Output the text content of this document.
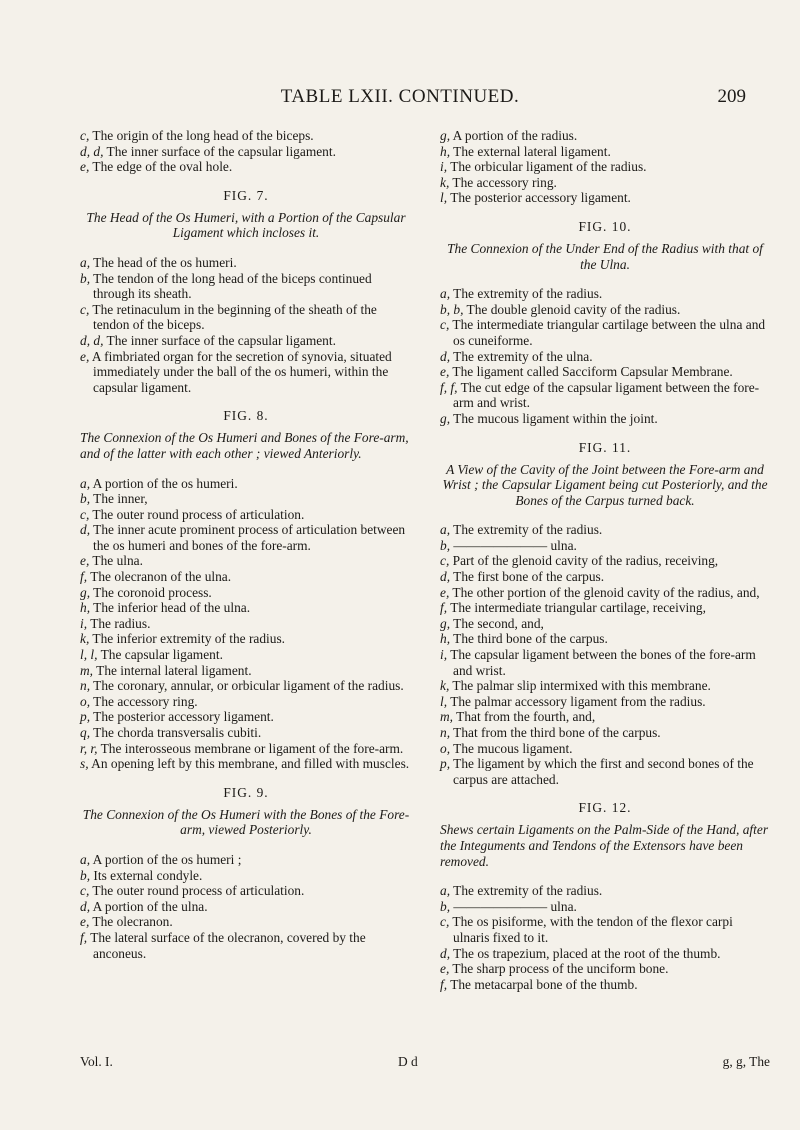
TABLE LXII. CONTINUED.	209
c, The origin of the long head of the biceps.
d, d, The inner surface of the capsular ligament.
e, The edge of the oval hole.
FIG. 7.
The Head of the Os Humeri, with a Portion of the Capsular Ligament which incloses it.
a, The head of the os humeri.
b, The tendon of the long head of the biceps continued through its sheath.
c, The retinaculum in the beginning of the sheath of the tendon of the biceps.
d, d, The inner surface of the capsular ligament.
e, A fimbriated organ for the secretion of synovia, situated immediately under the ball of the os humeri, within the capsular ligament.
FIG. 8.
The Connexion of the Os Humeri and Bones of the Fore-arm, and of the latter with each other ; viewed Anteriorly.
a, A portion of the os humeri.
b, The inner,
c, The outer round process of articulation.
d, The inner acute prominent process of articulation between the os humeri and bones of the fore-arm.
e, The ulna.
f, The olecranon of the ulna.
g, The coronoid process.
h, The inferior head of the ulna.
i, The radius.
k, The inferior extremity of the radius.
l, l, The capsular ligament.
m, The internal lateral ligament.
n, The coronary, annular, or orbicular ligament of the radius.
o, The accessory ring.
p, The posterior accessory ligament.
q, The chorda transversalis cubiti.
r, r, The interosseous membrane or ligament of the fore-arm.
s, An opening left by this membrane, and filled with muscles.
FIG. 9.
The Connexion of the Os Humeri with the Bones of the Fore-arm, viewed Posteriorly.
a, A portion of the os humeri ;
b, Its external condyle.
c, The outer round process of articulation.
d, A portion of the ulna.
e, The olecranon.
f, The lateral surface of the olecranon, covered by the anconeus.
g, A portion of the radius.
h, The external lateral ligament.
i, The orbicular ligament of the radius.
k, The accessory ring.
l, The posterior accessory ligament.
FIG. 10.
The Connexion of the Under End of the Radius with that of the Ulna.
a, The extremity of the radius.
b, b, The double glenoid cavity of the radius.
c, The intermediate triangular cartilage between the ulna and os cuneiforme.
d, The extremity of the ulna.
e, The ligament called Sacciform Capsular Membrane.
f, f, The cut edge of the capsular ligament between the fore-arm and wrist.
g, The mucous ligament within the joint.
FIG. 11.
A View of the Cavity of the Joint between the Fore-arm and Wrist ; the Capsular Ligament being cut Posteriorly, and the Bones of the Carpus turned back.
a, The extremity of the radius.
b, ——————— ulna.
c, Part of the glenoid cavity of the radius, receiving,
d, The first bone of the carpus.
e, The other portion of the glenoid cavity of the radius, and,
f, The intermediate triangular cartilage, receiving,
g, The second, and,
h, The third bone of the carpus.
i, The capsular ligament between the bones of the fore-arm and wrist.
k, The palmar slip intermixed with this membrane.
l, The palmar accessory ligament from the radius.
m, That from the fourth, and,
n, That from the third bone of the carpus.
o, The mucous ligament.
p, The ligament by which the first and second bones of the carpus are attached.
FIG. 12.
Shews certain Ligaments on the Palm-Side of the Hand, after the Integuments and Tendons of the Extensors have been removed.
a, The extremity of the radius.
b, ——————— ulna.
c, The os pisiforme, with the tendon of the flexor carpi ulnaris fixed to it.
d, The os trapezium, placed at the root of the thumb.
e, The sharp process of the unciform bone.
f, The metacarpal bone of the thumb.
Vol. I.	D d	g, g, The
